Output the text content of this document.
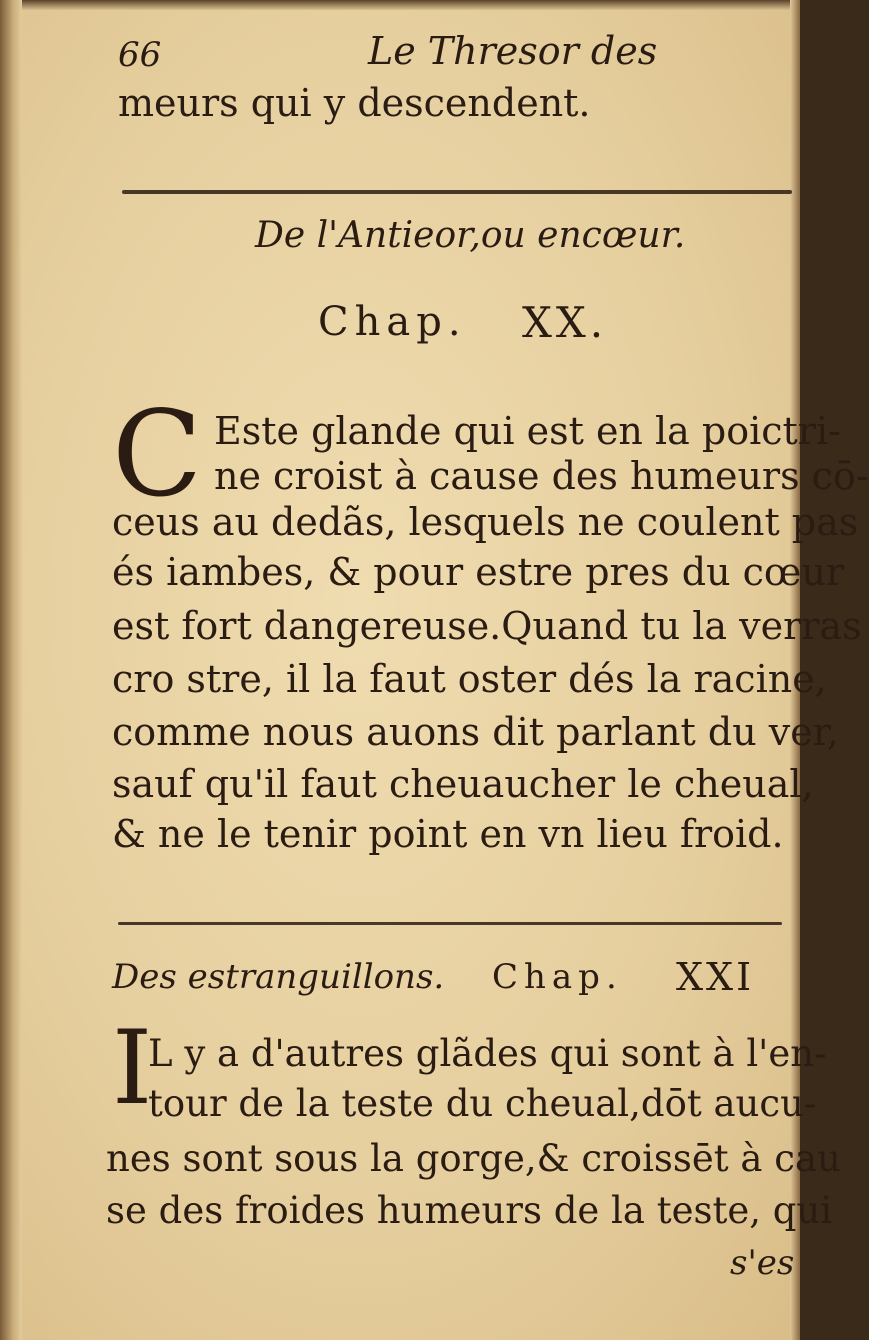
66	Le Thresor des
meurs qui y descendent.
De l'Antieor,ou encœur.
Chap. XX.
C Este glande qui est en la poictri-
ne croist à cause des humeurs cō-
ceus au dedãs, lesquels ne coulent pas
és iambes, & pour estre pres du cœur
est fort dangereuse.Quand tu la verras
cro stre, il la faut oster dés la racine,
comme nous auons dit parlant du ver,
sauf qu'il faut cheuaucher le cheual,
& ne le tenir point en vn lieu froid.
Des estranguillons. Chap. XXI
I
L y a d'autres glãdes qui sont à l'en-
tour de la teste du cheual,dōt aucu-
nes sont sous la gorge,& croissēt à cau
se des froides humeurs de la teste, qui
s'es
